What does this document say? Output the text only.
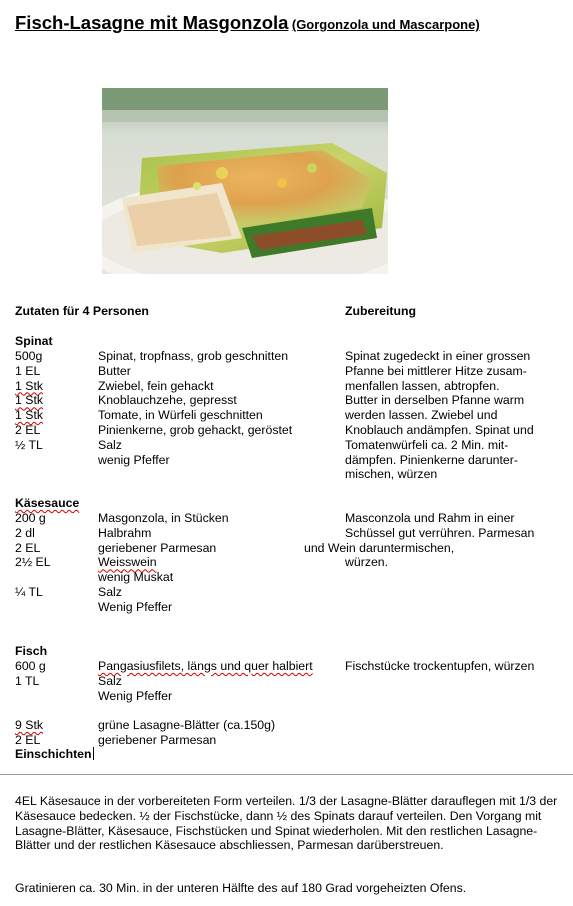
Fisch-Lasagne mit Masgonzola (Gorgonzola und Mascarpone)
Zutaten für 4 Personen	Zubereitung
Spinat
500g
1 EL
1 Stk
1 Stk
1 Stk

2 EL
½ TL
Spinat, tropfnass, grob geschnitten
Butter
Zwiebel, fein gehackt
Knoblauchzehe, gepresst
Tomate, in Würfeli geschnitten
Pinienkerne, grob gehackt, geröstet
Salz
wenig Pfeffer
Spinat zugedeckt in einer grossen
Pfanne bei mittlerer Hitze zusam-
menfallen lassen, abtropfen.
Butter in derselben Pfanne warm
werden lassen. Zwiebel und
Knoblauch andämpfen. Spinat und
Tomatenwürfeli ca. 2 Min. mit-
dämpfen. Pinienkerne darunter-
mischen, würzen
Käsesauce
200 g
2 dl
2 EL
2½ EL

¼ TL
Masgonzola, in Stücken
Halbrahm
geriebener Parmesan
Weisswein

wenig Muskat
Salz
Wenig Pfeffer
Masconzola und Rahm in einer
Schüssel gut verrühren. Parmesan
und Wein daruntermischen,
würzen.
Fisch
600 g
1 TL
Pangasiusfilets, längs und quer halbiert

Salz
Wenig Pfeffer
Fischstücke trockentupfen, würzen
9 Stk

2 EL
grüne Lasagne-Blätter (ca.150g)
geriebener Parmesan
Einschichten
4EL Käsesauce in der vorbereiteten Form verteilen. 1/3 der Lasagne-Blätter darauflegen mit 1/3 der Käsesauce bedecken. ½ der Fischstücke, dann ½ des Spinats darauf verteilen. Den Vorgang mit Lasagne-Blätter, Käsesauce, Fischstücken und Spinat wiederholen. Mit den restlichen Lasagne-Blätter und der restlichen Käsesauce abschliessen, Parmesan darüberstreuen.
Gratinieren ca. 30 Min. in der unteren Hälfte des auf 180 Grad vorgeheizten Ofens.
